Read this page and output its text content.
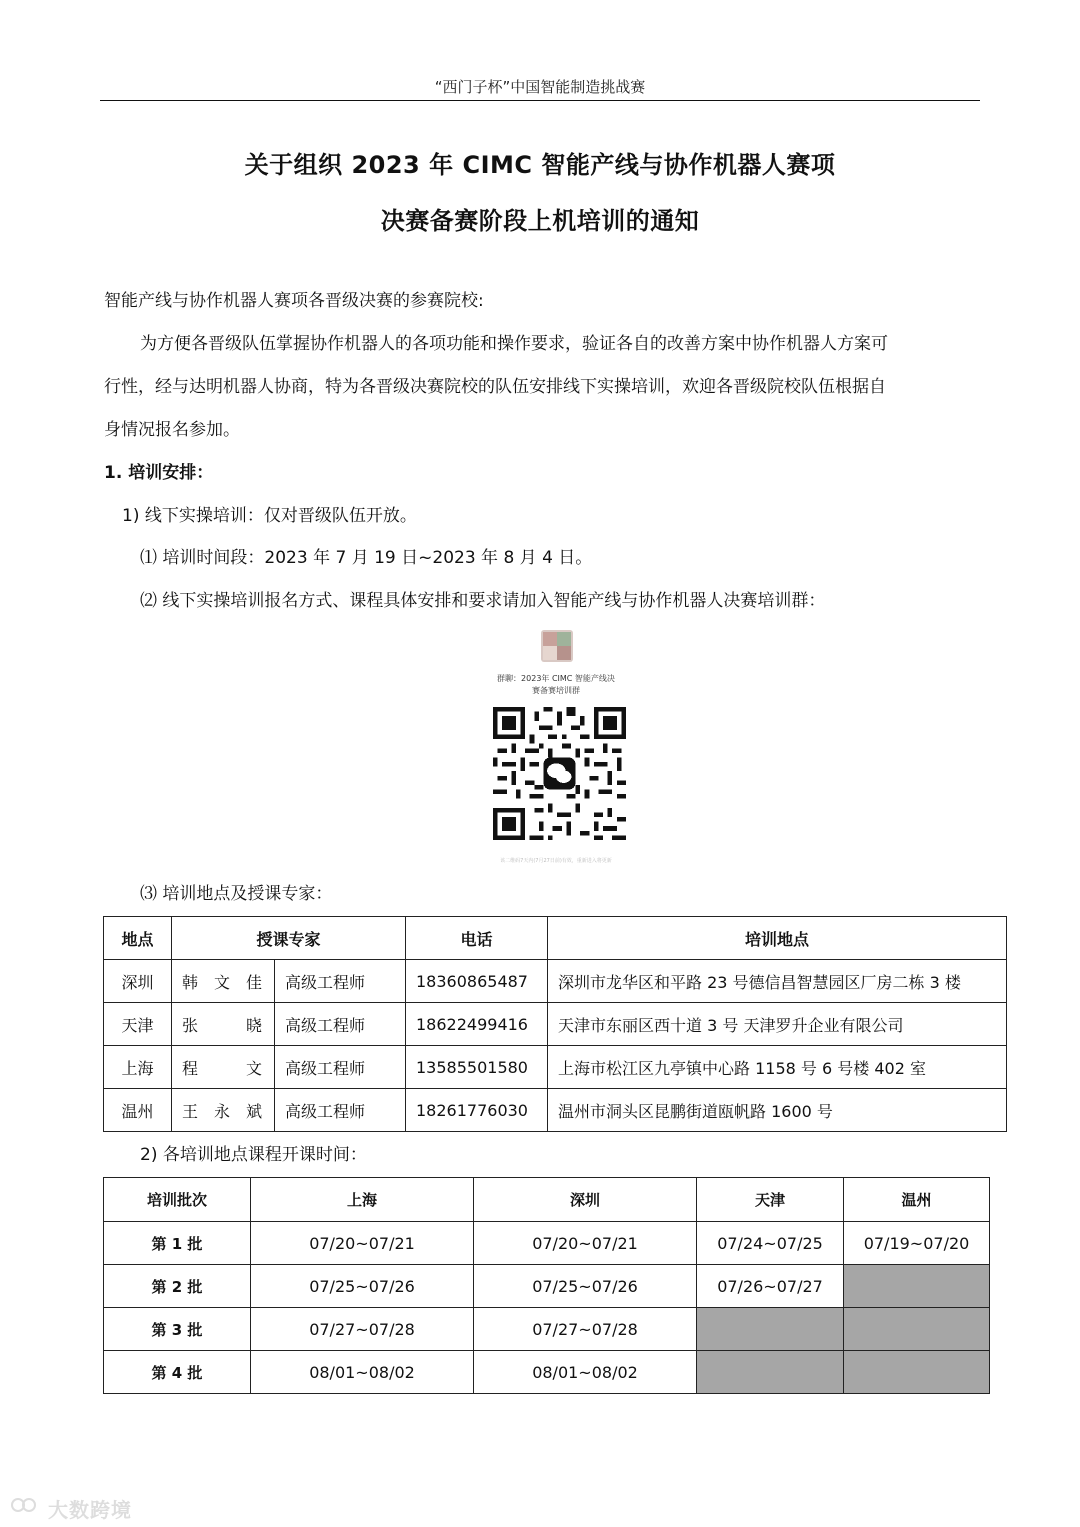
“西门子杯”中国智能制造挑战赛
关于组织 2023 年 CIMC 智能产线与协作机器人赛项
决赛备赛阶段上机培训的通知
智能产线与协作机器人赛项各晋级决赛的参赛院校:
为方便各晋级队伍掌握协作机器人的各项功能和操作要求，验证各自的改善方案中协作机器人方案可
行性，经与达明机器人协商，特为各晋级决赛院校的队伍安排线下实操培训，欢迎各晋级院校队伍根据自
身情况报名参加。
1. 培训安排：
1) 线下实操培训：仅对晋级队伍开放。
⑴ 培训时间段：2023 年 7 月 19 日~2023 年 8 月 4 日。
⑵ 线下实操培训报名方式、课程具体安排和要求请加入智能产线与协作机器人决赛培训群：
群聊：2023年 CIMC 智能产线决
赛备赛培训群
该二维码7天内(7月27日前)有效，重新进入将更新
⑶ 培训地点及授课专家：
地点	授课专家		电话	培训地点
深圳	韩　文　佳	高级工程师	18360865487	深圳市龙华区和平路 23 号德信昌智慧园区厂房二栋 3 楼
天津	张　　　晓	高级工程师	18622499416	天津市东丽区西十道 3 号 天津罗升企业有限公司
上海	程　　　文	高级工程师	13585501580	上海市松江区九亭镇中心路 1158 号 6 号楼 402 室
温州	王　永　斌	高级工程师	18261776030	温州市洞头区昆鹏街道瓯帆路 1600 号
2) 各培训地点课程开课时间：
培训批次	上海	深圳	天津	温州
第 1 批	07/20~07/21	07/20~07/21	07/24~07/25	07/19~07/20
第 2 批	07/25~07/26	07/25~07/26	07/26~07/27	
第 3 批	07/27~07/28	07/27~07/28		
第 4 批	08/01~08/02	08/01~08/02		
大数跨境
